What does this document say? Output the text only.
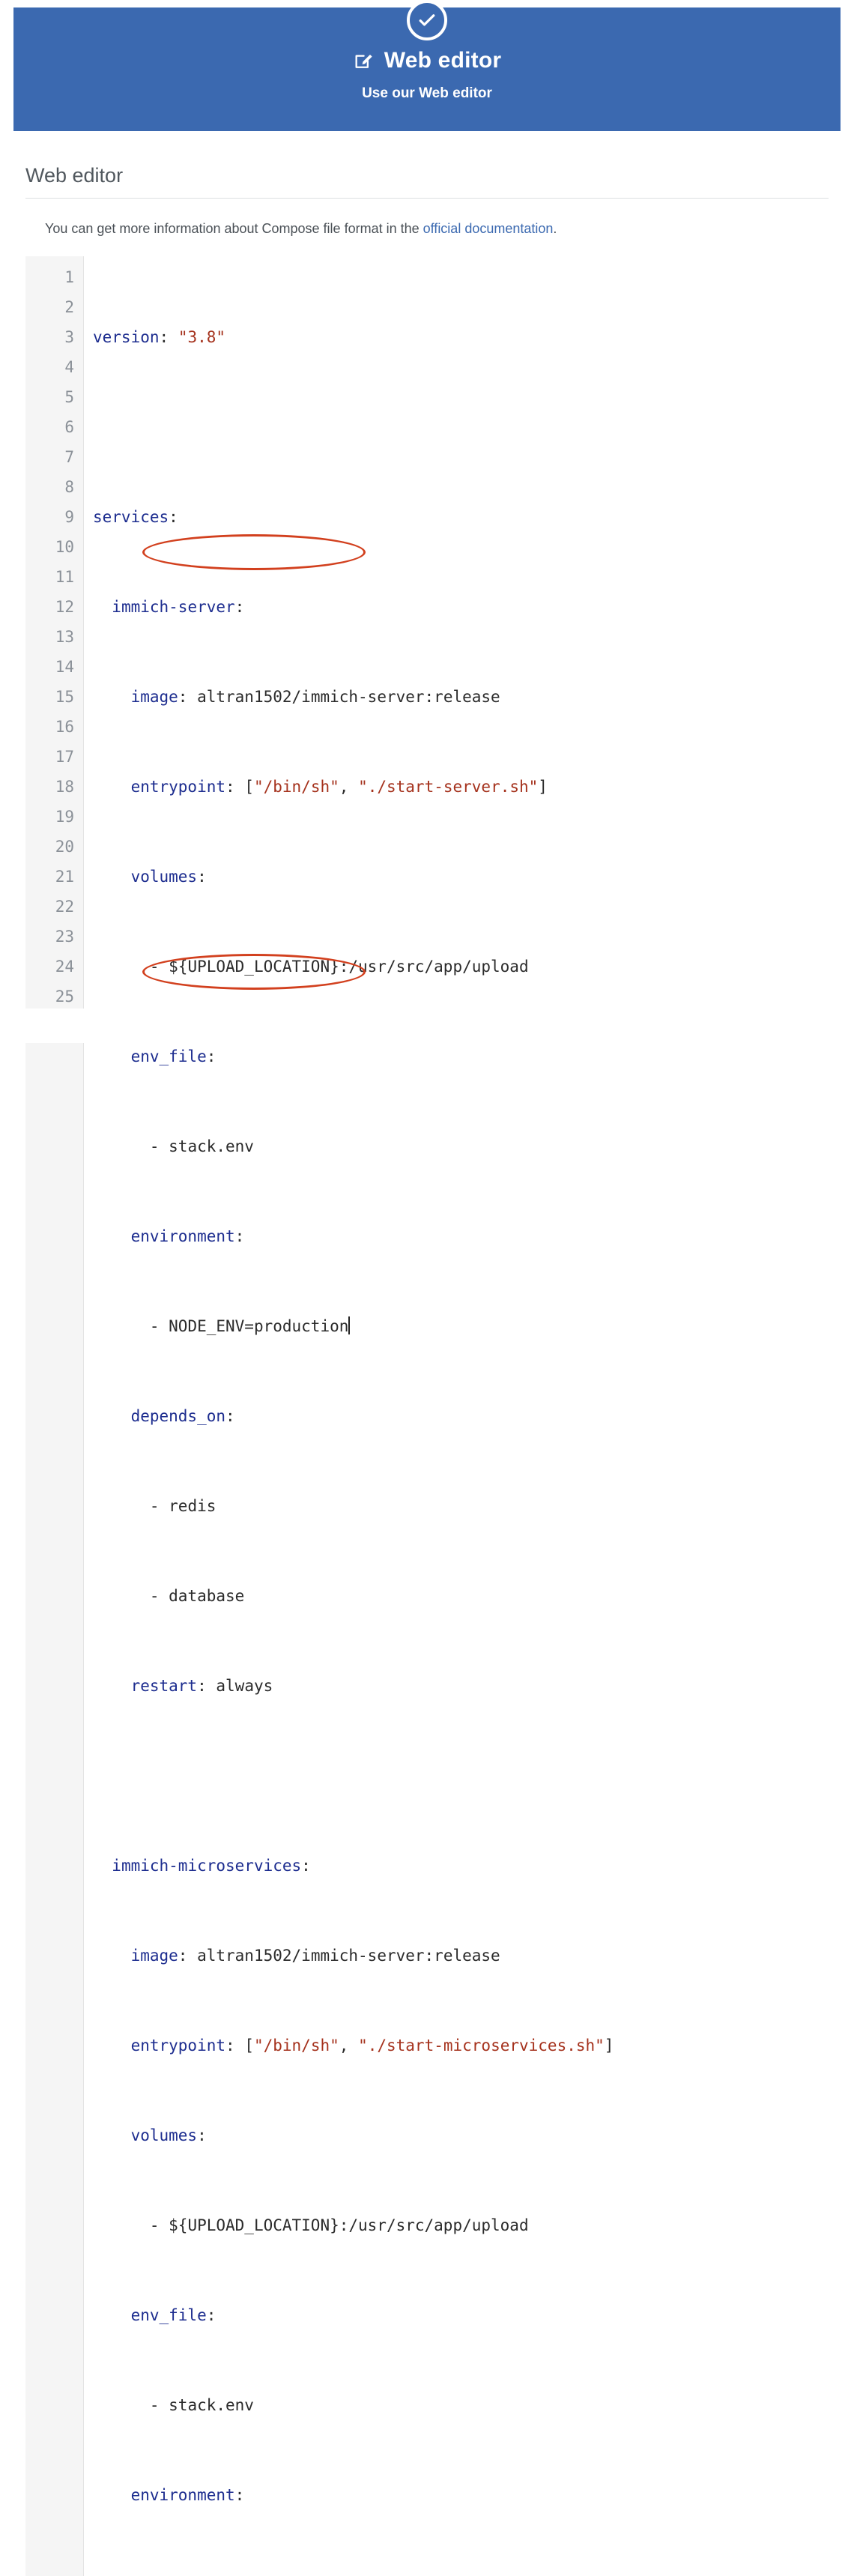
Web editor
Use our Web editor
Web editor
You can get more information about Compose file format in the official documentation.
1
2
3
4
5
6
7
8
9
10
11
12
13
14
15
16
17
18
19
20
21
22
23
24
25

version: "3.8"

services:

immich-server:

image: altran1502/immich-server:release

entrypoint: ["/bin/sh", "./start-server.sh"]

volumes:

- ${UPLOAD_LOCATION}:/usr/src/app/upload

env_file:

- stack.env

environment:

- NODE_ENV=production

depends_on:

- redis

- database

restart: always

immich-microservices:

image: altran1502/immich-server:release

entrypoint: ["/bin/sh", "./start-microservices.sh"]

volumes:

- ${UPLOAD_LOCATION}:/usr/src/app/upload

env_file:

- stack.env

environment:
